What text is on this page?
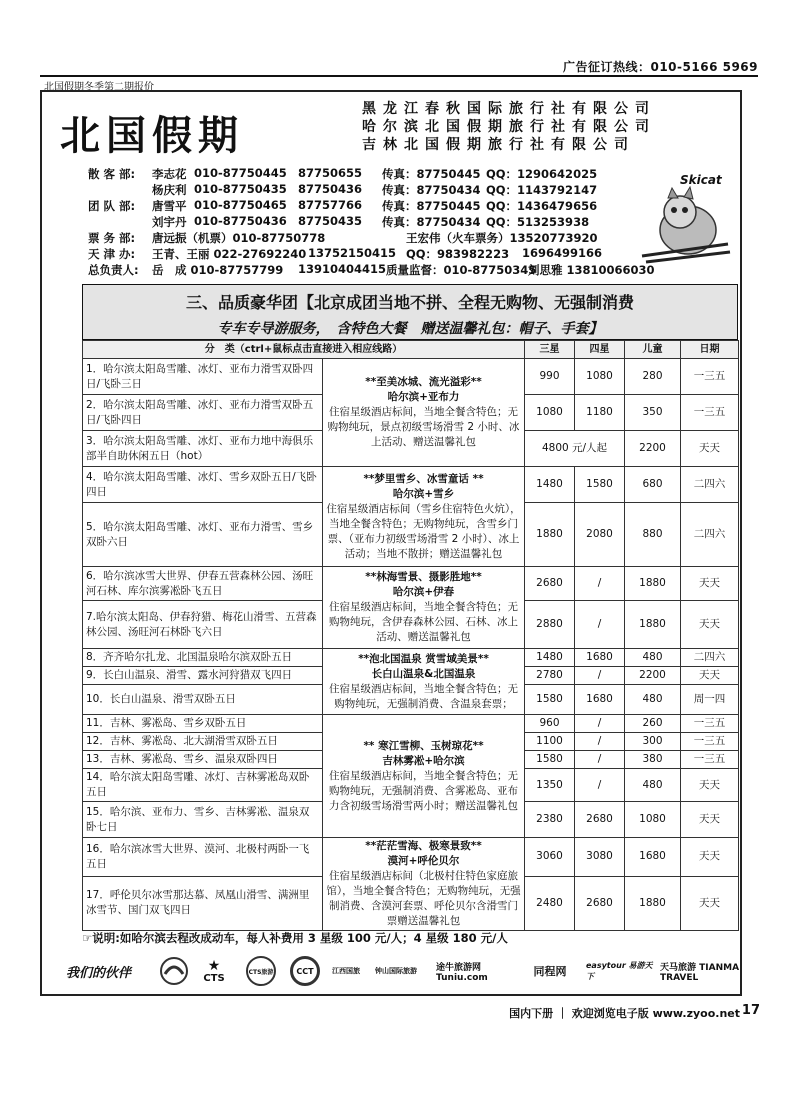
广告征订热线：010-5166 5969
北国假期冬季第二期报价
北国假期
黑龙江春秋国际旅行社有限公司
哈尔滨北国假期旅行社有限公司
吉林北国假期旅行社有限公司
散 客 部: 李志花 010-87750445 87750655 传真：87750445 QQ：1290642025
杨庆利 010-87750435 87750436 传真：87750434 QQ：1143792147
团 队 部: 唐雪平 010-87750465 87757766 传真：87750445 QQ：1436479656
刘宇丹 010-87750436 87750435 传真：87750434 QQ：513253938
票 务 部: 唐远振（机票）010-87750778	王宏伟（火车票务）13520773920
天 津 办: 王青、王丽 022-27692240 13752150415 QQ：983982223 1696499166
总负责人: 岳　成 010-87757799 13910404415 质量监督：010-87750345
刘思雅 13810066030
Skicat
三、品质豪华团【北京成团当地不拼、全程无购物、无强制消费
专车专导游服务，　含特色大餐　赠送温馨礼包：帽子、手套】
分　类（ctrl+鼠标点击直接进入相应线路）		三星	四星	儿童	日期
1．哈尔滨太阳岛雪雕、冰灯、亚布力滑雪双卧四日/飞卧三日	**至美冰城、流光溢彩**
哈尔滨+亚布力
住宿星级酒店标间，当地全餐含特色；无购物纯玩，景点初级雪场滑雪 2 小时、冰上活动、赠送温馨礼包	990	1080	280	一三五
2．哈尔滨太阳岛雪雕、冰灯、亚布力滑雪双卧五日/飞卧四日		1080	1180	350	一三五
3．哈尔滨太阳岛雪雕、冰灯、亚布力地中海俱乐部半自助休闲五日（hot）		4800 元/人起		2200	天天
4．哈尔滨太阳岛雪雕、冰灯、雪乡双卧五日/飞卧四日	**梦里雪乡、冰雪童话 **
哈尔滨+雪乡
住宿星级酒店标间（雪乡住宿特色火炕），当地全餐含特色；无购物纯玩，含雪乡门票、（亚布力初级雪场滑雪 2 小时）、冰上活动；当地不散拼；赠送温馨礼包	1480	1580	680	二四六
5．哈尔滨太阳岛雪雕、冰灯、亚布力滑雪、雪乡双卧六日		1880	2080	880	二四六
6．哈尔滨冰雪大世界、伊春五营森林公园、汤旺河石林、库尔滨雾凇卧飞五日	**林海雪景、摄影胜地**
哈尔滨+伊春
住宿星级酒店标间，当地全餐含特色；无购物纯玩，含伊春森林公园、石林、冰上活动、赠送温馨礼包	2680	/	1880	天天
7.哈尔滨太阳岛、伊春狩猎、梅花山滑雪、五营森林公园、汤旺河石林卧飞六日		2880	/	1880	天天
8．齐齐哈尔扎龙、北国温泉哈尔滨双卧五日	**泡北国温泉 赏雪域美景**
长白山温泉&北国温泉
住宿星级酒店标间，当地全餐含特色；无购物纯玩，无强制消费、含温泉套票；	1480	1680	480	二四六
9．长白山温泉、滑雪、露水河狩猎双飞四日		2780	/	2200	天天
10．长白山温泉、滑雪双卧五日		1580	1680	480	周一四
11．吉林、雾凇岛、雪乡双卧五日	** 寒江雪柳、玉树琼花**
吉林雾凇+哈尔滨
住宿星级酒店标间，当地全餐含特色；无购物纯玩，无强制消费、含雾凇岛、亚布力含初级雪场滑雪两小时；赠送温馨礼包	960	/	260	一三五
12．吉林、雾凇岛、北大湖滑雪双卧五日		1100	/	300	一三五
13．吉林、雾凇岛、雪乡、温泉双卧四日		1580	/	380	一三五
14．哈尔滨太阳岛雪雕、冰灯、吉林雾凇岛双卧五日		1350	/	480	天天
15．哈尔滨、亚布力、雪乡、吉林雾凇、温泉双卧七日		2380	2680	1080	天天
16．哈尔滨冰雪大世界、漠河、北极村两卧一飞五日	**茫茫雪海、极寒景致**
漠河+呼伦贝尔
住宿星级酒店标间（北极村住特色家庭旅馆），当地全餐含特色；无购物纯玩，无强制消费、含漠河套票、呼伦贝尔含滑雪门票赠送温馨礼包	3060	3080	1680	天天
17．呼伦贝尔冰雪那达慕、凤凰山滑雪、满洲里冰雪节、国门双飞四日		2480	2680	1880	天天
☞说明:如哈尔滨去程改成动车，每人补费用 3 星级 100 元/人；4 星级 180 元/人
我们的伙伴	★
CTS
CTS旅游	CCT	江西国旅 钟山国际旅游 途牛旅游网 Tuniu.com	同程网 easytour 易游天下
天马旅游 TIANMA TRAVEL
国内下册 ｜ 欢迎浏览电子版 www.zyoo.net 17
